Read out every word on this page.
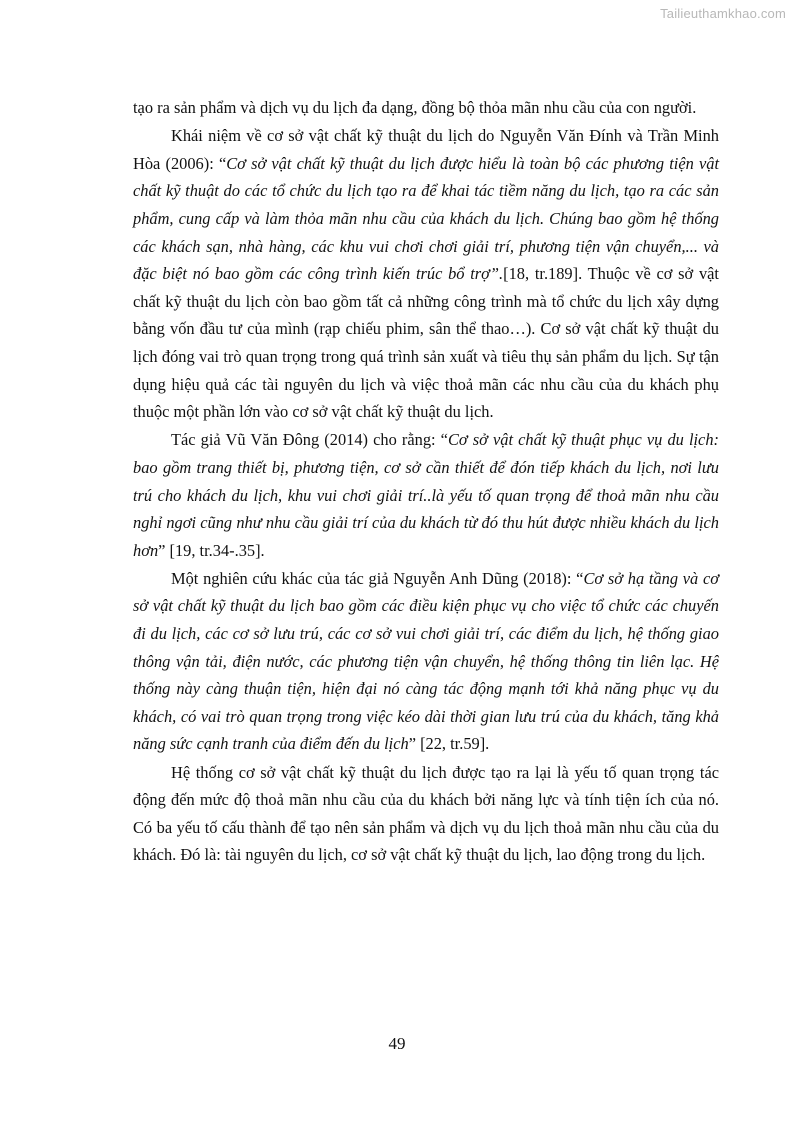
Tailieuthamkhao.com

tạo ra sản phẩm và dịch vụ du lịch đa dạng, đồng bộ thỏa mãn nhu cầu của con người.

Khái niệm về cơ sở vật chất kỹ thuật du lịch do Nguyễn Văn Đính và Trần Minh Hòa (2006): “Cơ sở vật chất kỹ thuật du lịch được hiểu là toàn bộ các phương tiện vật chất kỹ thuật do các tổ chức du lịch tạo ra để khai tác tiềm năng du lịch, tạo ra các sản phẩm, cung cấp và làm thỏa mãn nhu cầu của khách du lịch. Chúng bao gồm hệ thống các khách sạn, nhà hàng, các khu vui chơi chơi giải trí, phương tiện vận chuyển,... và đặc biệt nó bao gồm các công trình kiến trúc bổ trợ”.[18, tr.189]. Thuộc về cơ sở vật chất kỹ thuật du lịch còn bao gồm tất cả những công trình mà tổ chức du lịch xây dựng bằng vốn đầu tư của mình (rạp chiếu phim, sân thể thao…). Cơ sở vật chất kỹ thuật du lịch đóng vai trò quan trọng trong quá trình sản xuất và tiêu thụ sản phẩm du lịch. Sự tận dụng hiệu quả các tài nguyên du lịch và việc thoả mãn các nhu cầu của du khách phụ thuộc một phần lớn vào cơ sở vật chất kỹ thuật du lịch.

Tác giả Vũ Văn Đông (2014) cho rằng: “Cơ sở vật chất kỹ thuật phục vụ du lịch: bao gồm trang thiết bị, phương tiện, cơ sở cần thiết để đón tiếp khách du lịch, nơi lưu trú cho khách du lịch, khu vui chơi giải trí..là yếu tố quan trọng để thoả mãn nhu cầu nghỉ ngơi cũng như nhu cầu giải trí của du khách từ đó thu hút được nhiều khách du lịch hơn” [19, tr.34-.35].

Một nghiên cứu khác của tác giả Nguyễn Anh Dũng (2018): “Cơ sở hạ tầng và cơ sở vật chất kỹ thuật du lịch bao gồm các điều kiện phục vụ cho việc tổ chức các chuyến đi du lịch, các cơ sở lưu trú, các cơ sở vui chơi giải trí, các điểm du lịch, hệ thống giao thông vận tải, điện nước, các phương tiện vận chuyển, hệ thống thông tin liên lạc. Hệ thống này càng thuận tiện, hiện đại nó càng tác động mạnh tới khả năng phục vụ du khách, có vai trò quan trọng trong việc kéo dài thời gian lưu trú của du khách, tăng khả năng sức cạnh tranh của điểm đến du lịch” [22, tr.59].

Hệ thống cơ sở vật chất kỹ thuật du lịch được tạo ra lại là yếu tố quan trọng tác động đến mức độ thoả mãn nhu cầu của du khách bởi năng lực và tính tiện ích của nó. Có ba yếu tố cấu thành để tạo nên sản phẩm và dịch vụ du lịch thoả mãn nhu cầu của du khách. Đó là: tài nguyên du lịch, cơ sở vật chất kỹ thuật du lịch, lao động trong du lịch.

49
